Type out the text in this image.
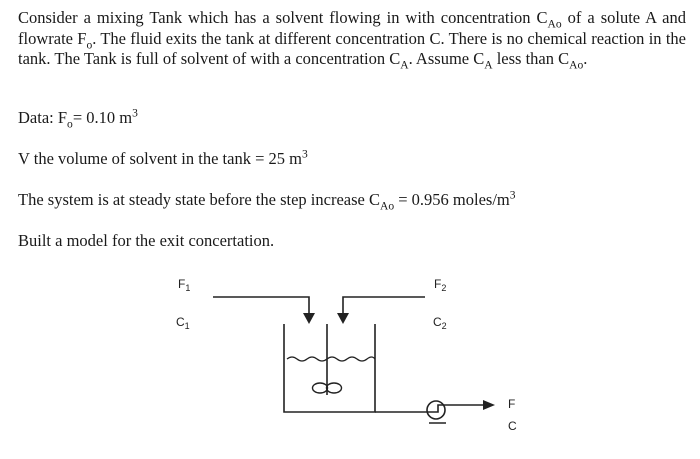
Consider a mixing Tank which has a solvent flowing in with concentration $C_{Ao}$ of a solute A and flowrate $F_o$. The fluid exits the tank at different concentration C. There is no chemical reaction in the tank. The Tank is full of solvent of with a concentration $C_A$. Assume $C_A$ less than $C_{Ao}$.
Data: $F_o= 0.10$ $m^3$
V the volume of solvent in the tank = 25 $m^3$
The system is at steady state before the step increase $C_{Ao} = 0.956$ moles/$m^3$
Built a model for the exit concertation.
$F_1$
$C_1$
$F_2$
$C_2$
F
C
